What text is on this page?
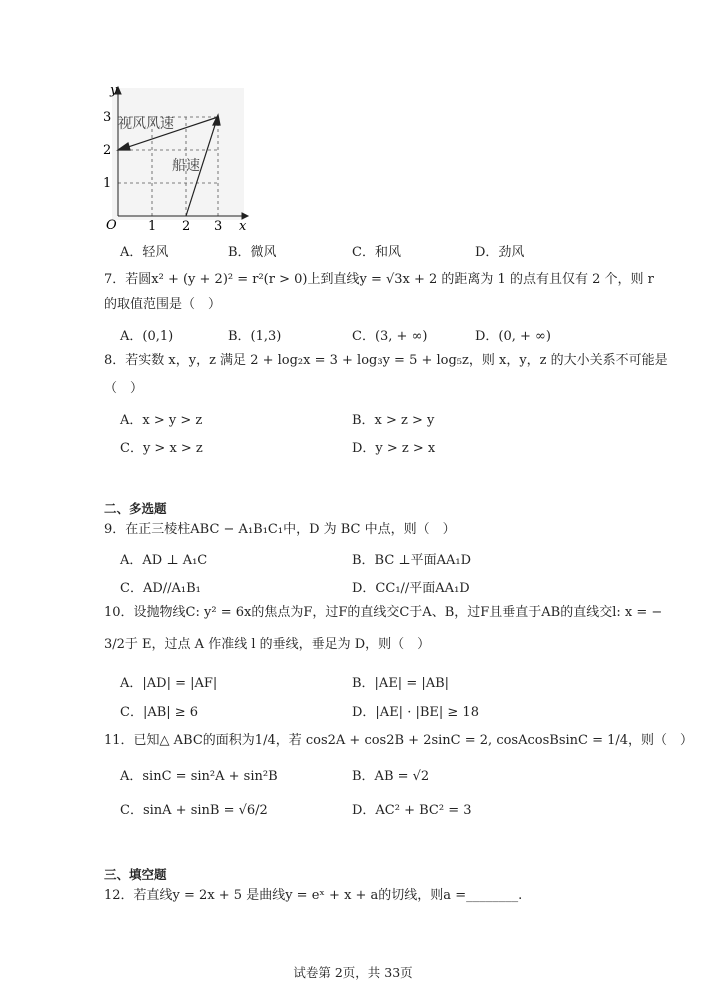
y
x
O
1
2
3
1 2 3
视风风速
船速
A．轻风	B．微风	C．和风	D．劲风
7．若圆x² + (y + 2)² = r²(r > 0)上到直线y = √3x + 2 的距离为 1 的点有且仅有 2 个，则 r
的取值范围是（　）
A．(0,1)	B．(1,3)	C．(3, + ∞)	D．(0, + ∞)
8．若实数 x，y，z 满足 2 + log₂x = 3 + log₃y = 5 + log₅z，则 x，y，z 的大小关系不可能是
（　）
A．x > y > z	B．x > z > y
C．y > x > z	D．y > z > x
二、多选题
9．在正三棱柱ABC − A₁B₁C₁中，D 为 BC 中点，则（　）
A．AD ⊥ A₁C	B．BC ⊥平面AA₁D
C．AD//A₁B₁	D．CC₁//平面AA₁D
10．设抛物线C: y² = 6x的焦点为F，过F的直线交C于A、B，过F且垂直于AB的直线交l: x = −
3/2于 E，过点 A 作准线 l 的垂线，垂足为 D，则（　）
A．|AD| = |AF|	B．|AE| = |AB|
C．|AB| ≥ 6	D．|AE| · |BE| ≥ 18
11．已知△ ABC的面积为1/4，若 cos2A + cos2B + 2sinC = 2, cosAcosBsinC = 1/4，则（　）
A．sinC = sin²A + sin²B	B．AB = √2
C．sinA + sinB = √6/2	D．AC² + BC² = 3
三、填空题
12．若直线y = 2x + 5 是曲线y = eˣ + x + a的切线，则a =________.
试卷第 2页，共 33页
